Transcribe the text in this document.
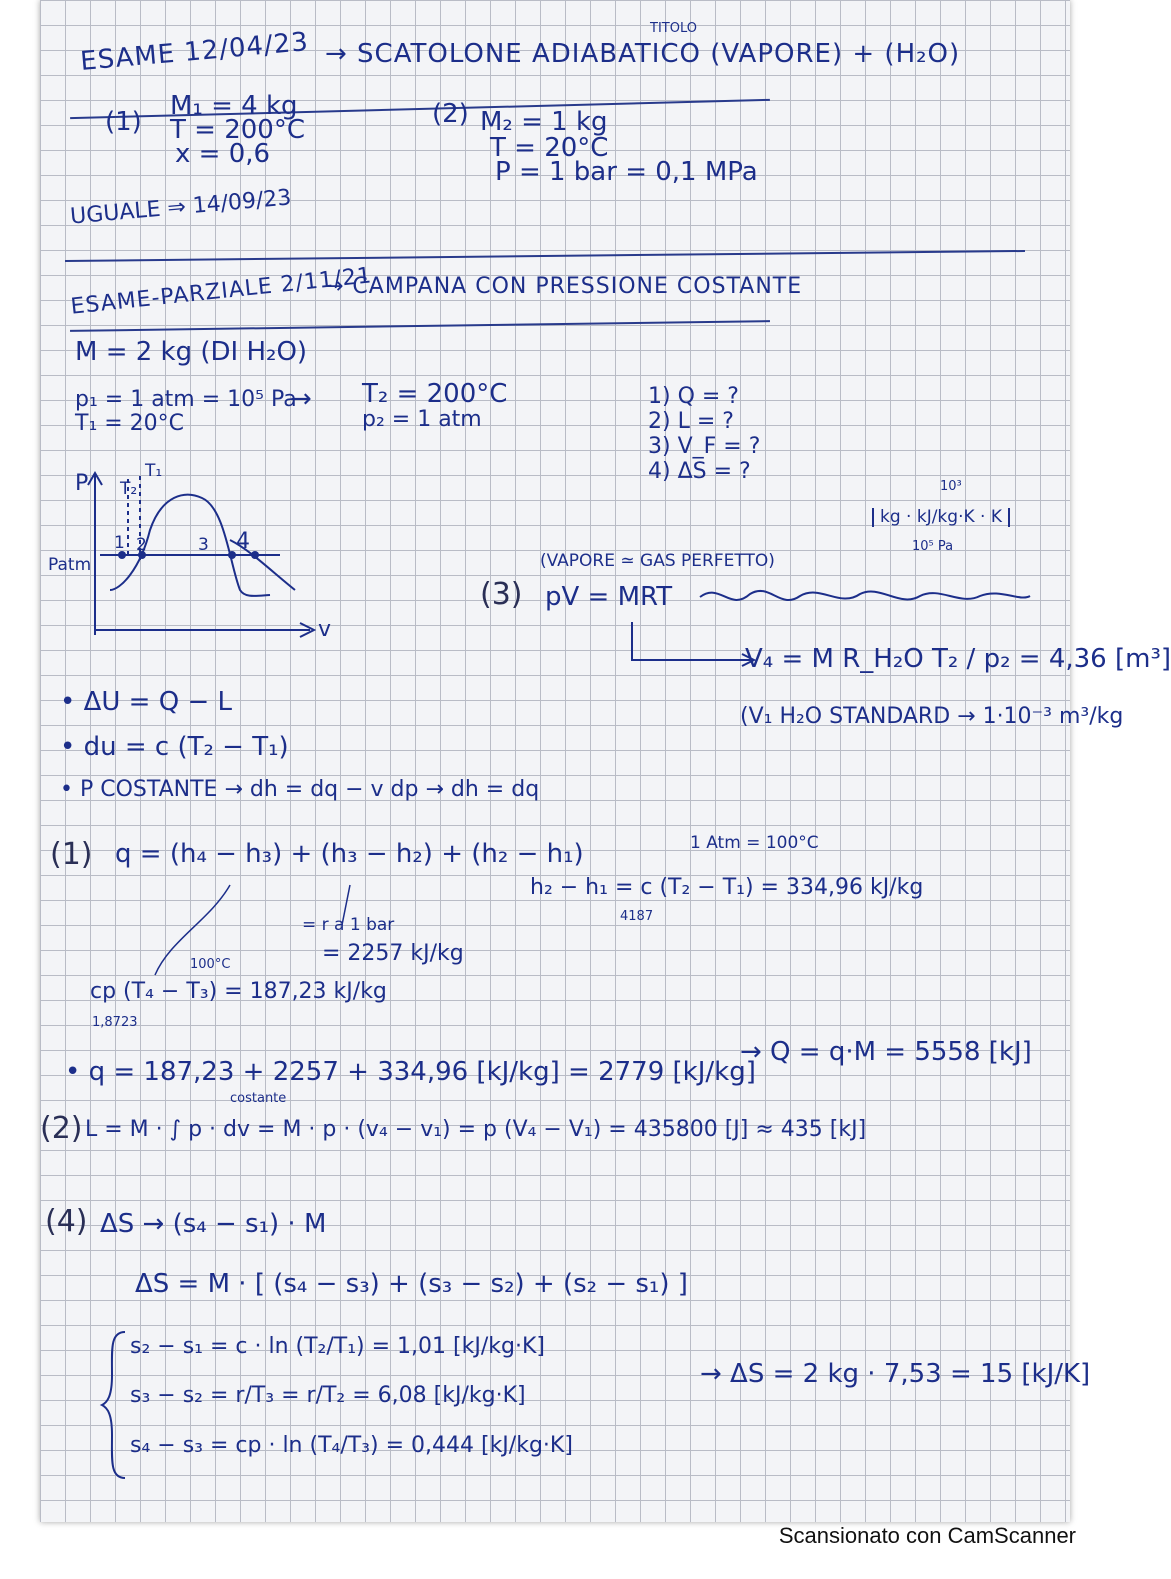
ESAME 12/04/23 → SCATOLONE ADIABATICO (VAPORE) + (H₂O)
TITOLO
(1)
M₁ = 4 kg
T = 200°C
x = 0,6
(2) M₂ = 1 kg
T = 20°C
P = 1 bar = 0,1 MPa
UGUALE ⇒ 14/09/23
ESAME-PARZIALE 2/11/21
→ CAMPANA CON PRESSIONE COSTANTE
M = 2 kg (DI H₂O)
p₁ = 1 atm = 10⁵ Pa
T₁ = 20°C
→ T₂ = 200°C
p₂ = 1 atm
1) Q = ?
2) L = ?
3) V_F = ?
4) ΔS = ?
P
v
T₂
T₁
Patm
1 2	3 4
10³
kg · kJ/kg·K · K
10⁵ Pa
(VAPORE ≃ GAS PERFETTO)
(3) pV = MRT
V₄ = M R_H₂O T₂ / p₂ = 4,36 [m³]
(V₁ H₂O STANDARD → 1·10⁻³ m³/kg
• ΔU = Q − L
• du = c (T₂ − T₁)
• P COSTANTE → dh = dq − v dp → dh = dq
(1) q = (h₄ − h₃) + (h₃ − h₂) + (h₂ − h₁)	1 Atm = 100°C
h₂ − h₁ = c (T₂ − T₁) = 334,96 kJ/kg
4187
= r a 1 bar
= 2257 kJ/kg
100°C
cp (T₄ − T₃) = 187,23 kJ/kg
1,8723
• q = 187,23 + 2257 + 334,96 [kJ/kg] = 2779 [kJ/kg]
→ Q = q·M = 5558 [kJ]
(2)
costante
L = M · ∫ p · dv = M · p · (v₄ − v₁) = p (V₄ − V₁) = 435800 [J] ≈ 435 [kJ]
(4) ΔS → (s₄ − s₁) · M
ΔS = M · [ (s₄ − s₃) + (s₃ − s₂) + (s₂ − s₁) ]
s₂ − s₁ = c · ln (T₂/T₁) = 1,01 [kJ/kg·K]
s₃ − s₂ = r/T₃ = r/T₂ = 6,08 [kJ/kg·K]
s₄ − s₃ = cp · ln (T₄/T₃) = 0,444 [kJ/kg·K]
→ ΔS = 2 kg · 7,53 = 15 [kJ/K]
Scansionato con CamScanner
